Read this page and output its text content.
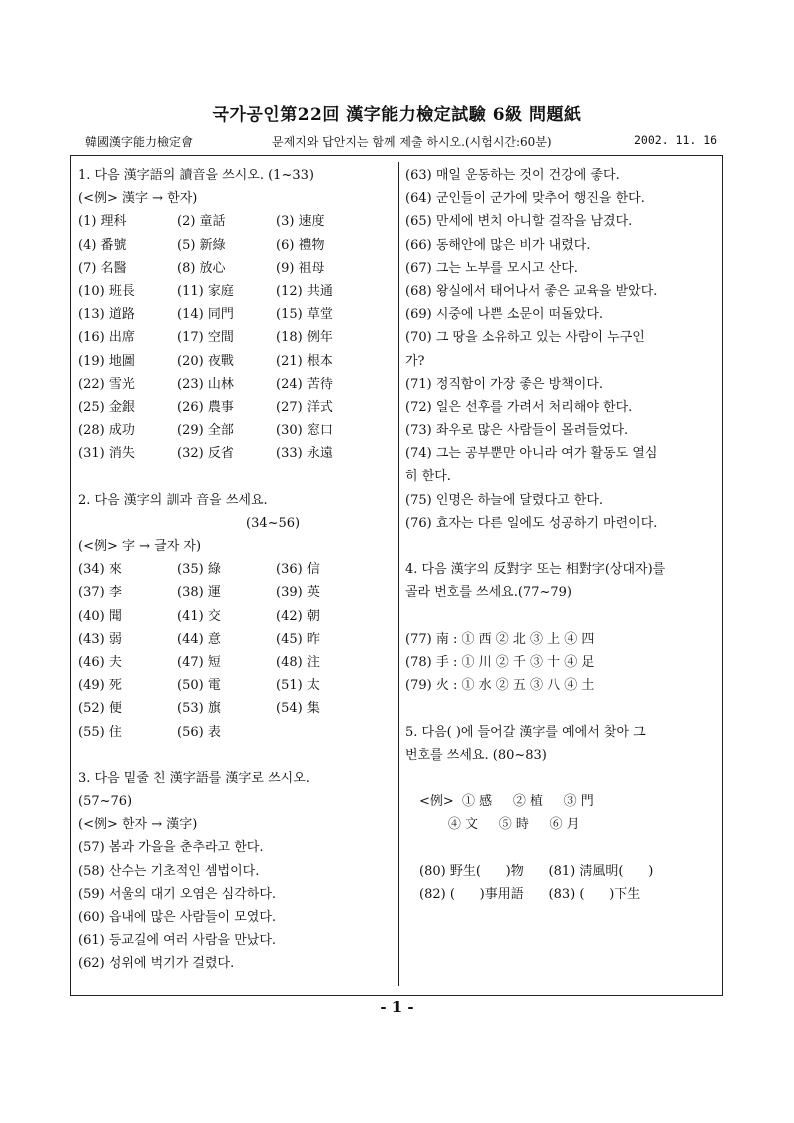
국가공인第22回 漢字能力檢定試驗 6級 問題紙
韓國漢字能力檢定會	문제지와 답안지는 함께 제출 하시오.(시험시간:60분)	2002. 11. 16
1. 다음 漢字語의 讀音을 쓰시오. (1~33)
(<例> 漢字 → 한자)
(1) 理科	(2) 童話	(3) 速度
(4) 番號	(5) 新綠	(6) 禮物
(7) 名醫	(8) 放心	(9) 祖母
(10) 班長	(11) 家庭	(12) 共通
(13) 道路	(14) 同門	(15) 草堂
(16) 出席	(17) 空間	(18) 例年
(19) 地圖	(20) 夜戰	(21) 根本
(22) 雪光	(23) 山林	(24) 苦待
(25) 金銀	(26) 農事	(27) 洋式
(28) 成功	(29) 全部	(30) 窓口
(31) 消失	(32) 反省	(33) 永遠
2. 다음 漢字의 訓과 音을 쓰세요.
(34~56)
(<例> 字 → 글자 자)
(34) 來	(35) 綠	(36) 信
(37) 李	(38) 運	(39) 英
(40) 聞	(41) 交	(42) 朝
(43) 弱	(44) 意	(45) 昨
(46) 夫	(47) 短	(48) 注
(49) 死	(50) 電	(51) 太
(52) 便	(53) 旗	(54) 集
(55) 住	(56) 表
3. 다음 밑줄 친 漢字語를 漢字로 쓰시오.
(57~76)
(<例> 한자 → 漢字)
(57) 봄과 가을을 춘추라고 한다.
(58) 산수는 기초적인 셈법이다.
(59) 서울의 대기 오염은 심각하다.
(60) 읍내에 많은 사람들이 모였다.
(61) 등교길에 여러 사람을 만났다.
(62) 성위에 벅기가 걸렸다.
(63) 매일 운동하는 것이 건강에 좋다.
(64) 군인들이 군가에 맞추어 행진을 한다.
(65) 만세에 변치 아니할 걸작을 남겼다.
(66) 동해안에 많은 비가 내렸다.
(67) 그는 노부를 모시고 산다.
(68) 왕실에서 태어나서 좋은 교육을 받았다.
(69) 시중에 나쁜 소문이 떠돌았다.
(70) 그 땅을 소유하고 있는 사람이 누구인
가?
(71) 정직함이 가장 좋은 방책이다.
(72) 일은 선후를 가려서 처리해야 한다.
(73) 좌우로 많은 사람들이 몰려들었다.
(74) 그는 공부뿐만 아니라 여가 활동도 열심
히 한다.
(75) 인명은 하늘에 달렸다고 한다.
(76) 효자는 다른 일에도 성공하기 마련이다.
4. 다음 漢字의 反對字 또는 相對字(상대자)를
골라 번호를 쓰세요.(77~79)
(77) 南 : ① 西 ② 北 ③ 上 ④ 四
(78) 手 : ① 川 ② 千 ③ 十 ④ 足
(79) 火 : ① 水 ② 五 ③ 八 ④ 土
5. 다음( )에 들어갈 漢字를 예에서 찾아 그
번호를 쓰세요. (80~83)
<例>  ① 感     ② 植     ③ 門
④ 文     ⑤ 時     ⑥ 月
(80) 野生(      )物      (81) 淸風明(      )
(82) (      )事用語      (83) (      )下生
- 1 -
